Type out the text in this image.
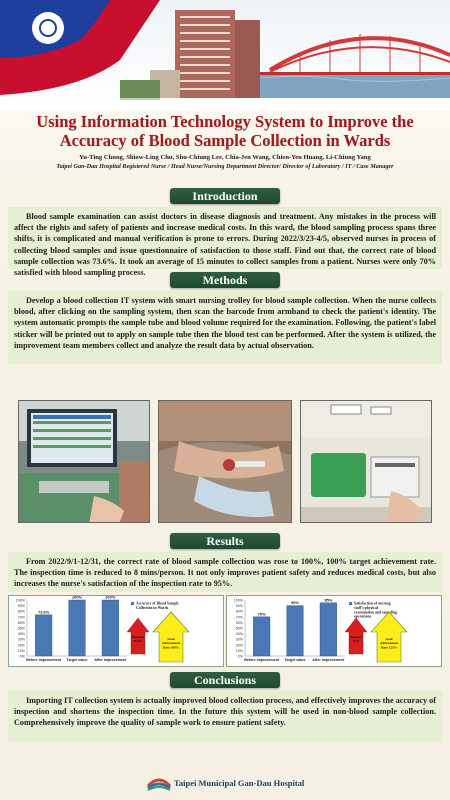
Using Information Technology System to Improve the
Accuracy of Blood Sample Collection in Wards
Yu-Ting Chung, Shiow-Ling Chu, Shu-Chiung Lee, Chia-Jen Wang, Chien-Yen Huang, Li-Chiung Yang
Taipei Gan-Dau Hospital Registered Nurse / Head Nurse/Nursing Department Director/ Director of Laboratory / IT / Case Manager
Introduction
Blood sample examination can assist doctors in disease diagnosis and treatment. Any mistakes in the process will affect the rights and safety of patients and increase medical costs. In this ward, the blood sampling process spans three shifts, it is complicated and manual verification is prone to errors. During 2022/3/23-4/5, observed nurses in process of collecting blood samples and issue questionnaire of satisfaction to those staff. Find out that, the correct rate of blood sample collection was 73.6%. It took an average of 15 minutes to collect samples from a patient. Nurses were only 70% satisfied with blood sampling process.
Methods
Develop a blood collection IT system with smart nursing trolley for blood sample collection. When the nurse collects blood, after clicking on the sampling system, then scan the barcode from armband to check the patient's identity. The system automatic prompts the sample tube and blood volume required for the examination. Following, the patient's label sticker will be printed out to apply on sample tube then the blood test can be performed. After the system is utilized, the improvement team members collect and analyze the result data by actual observation.
Results
From 2022/9/1-12/31, the correct rate of blood sample collection was rose to 100%, 100% target achievement rate. The inspection time is reduced to 8 mins/person. It not only improves patient safety and reduces medical costs, but also increases the nurse's satisfaction of the inspection rate to 95%.
0%
10%
20%
30%
40%
50%
60%
70%
80%
90%
100%
73.6%
Before improvement
100%
Target value
100%
After improvement
Accuracy of Blood Sample Collection in Wards
Improve 26.4%
Goal achievement Rate 100%
0%
10%
20%
30%
40%
50%
60%
70%
80%
90%
100%
70%
Before improvement
90%
Target value
95%
After improvement
Satisfaction of nursing staff's physical examination and sampling operations
Improve 25%
Goal achievement Rate 125%
Conclusions
Importing IT collection system is actually improved blood collection process, and effectively improves the accuracy of inspection and shortens the inspection time. In the future this system will be used in non-blood sample collection. Comprehensively improve the quality of sample work to ensure patient safety.
Taipei Municipal Gan-Dau Hospital
